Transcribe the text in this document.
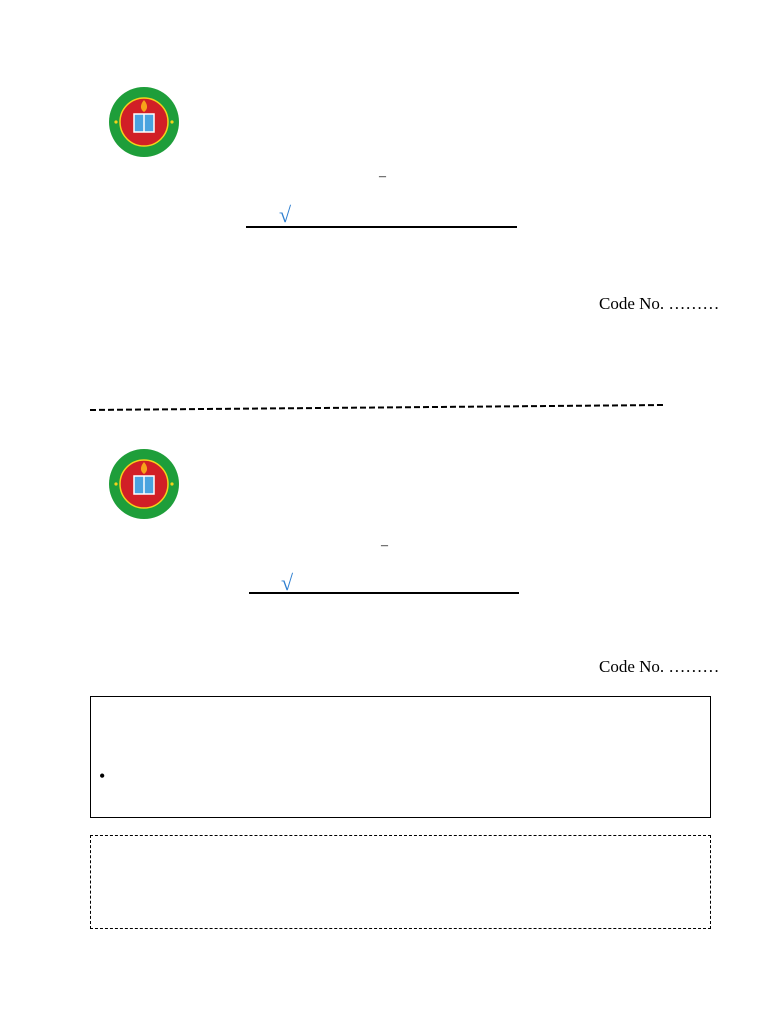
–
√

Code No. ………

–
√

Code No. ………

•
